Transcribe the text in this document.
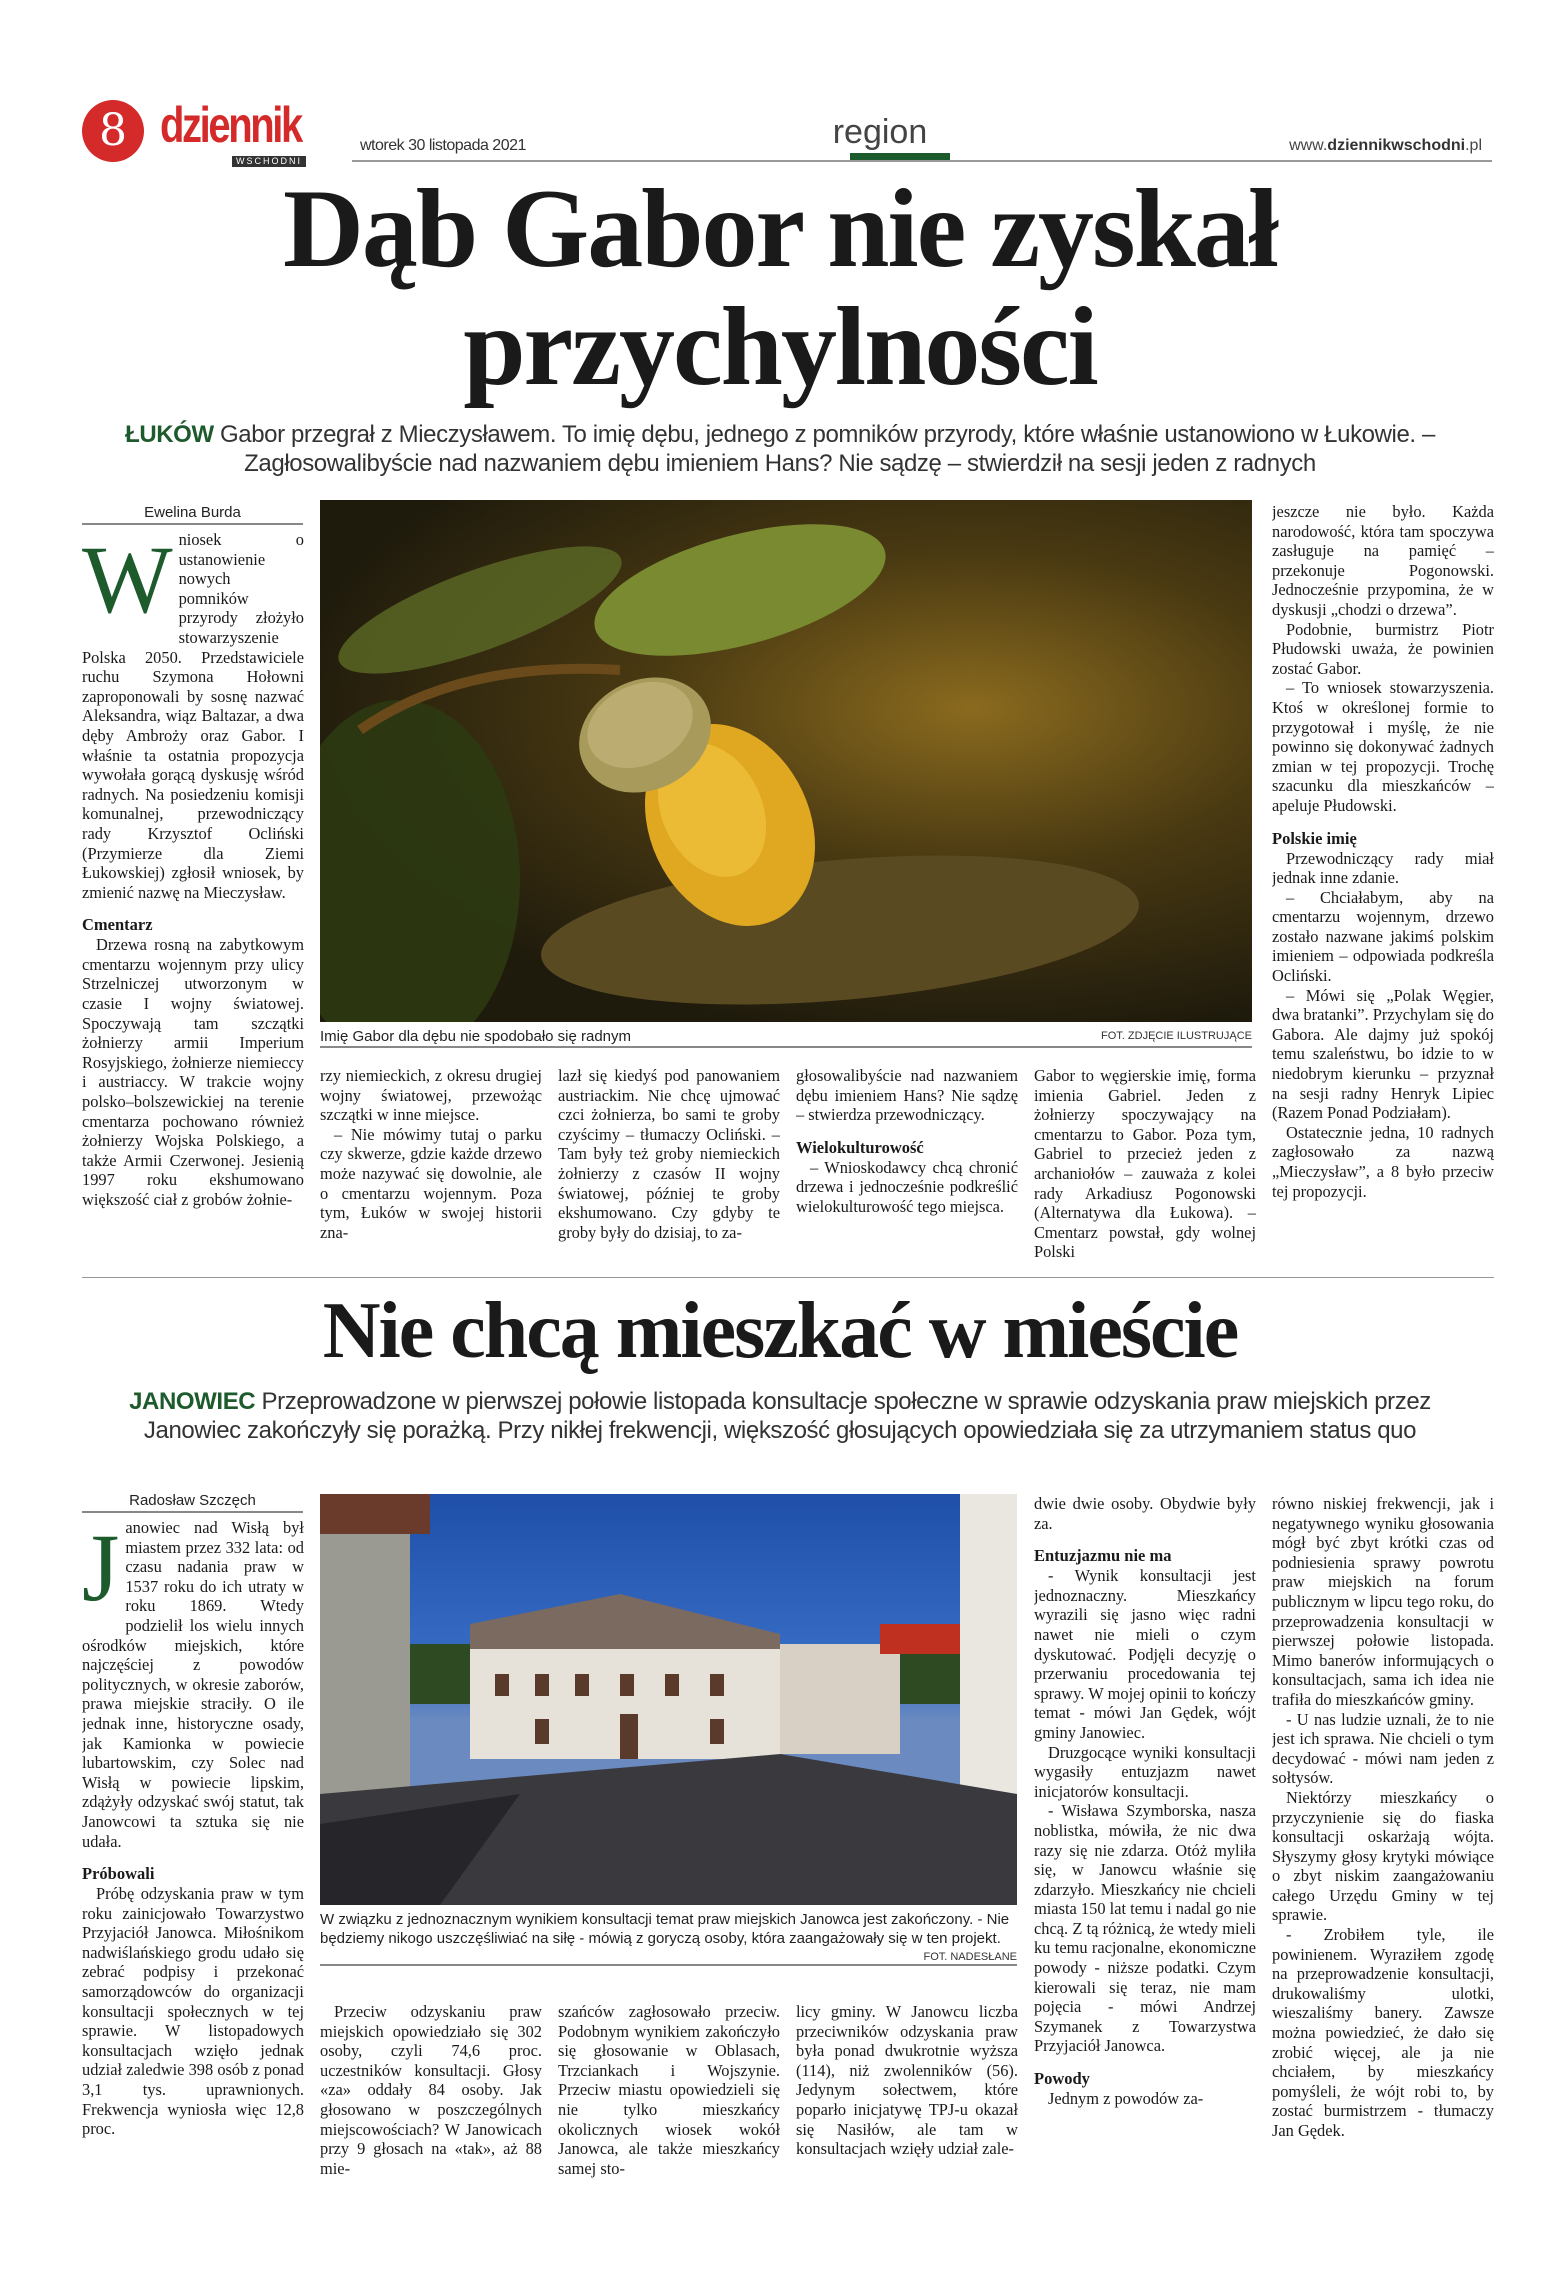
8 dziennik
WSCHODNI
wtorek 30 listopada 2021	region	www.dziennikwschodni.pl
Dąb Gabor nie zyskał przychylności
ŁUKÓW Gabor przegrał z Mieczysławem. To imię dębu, jednego z pomników przyrody, które właśnie ustanowiono w Łukowie. – Zagłosowalibyście nad nazwaniem dębu imieniem Hans? Nie sądzę – stwierdził na sesji jeden z radnych
Ewelina Burda
W niosek o ustanowienie nowych pomników przyrody złożyło stowarzyszenie Polska 2050. Przedstawiciele ruchu Szymona Hołowni zaproponowali by sosnę nazwać Aleksandra, wiąz Baltazar, a dwa dęby Ambroży oraz Gabor. I właśnie ta ostatnia propozycja wywołała gorącą dyskusję wśród radnych. Na posiedzeniu komisji komunalnej, przewodniczący rady Krzysztof Ocliński (Przymierze dla Ziemi Łukowskiej) zgłosił wniosek, by zmienić nazwę na Mieczysław.

Cmentarz

Drzewa rosną na zabytkowym cmentarzu wojennym przy ulicy Strzelniczej utworzonym w czasie I wojny światowej. Spoczywają tam szczątki żołnierzy armii Imperium Rosyjskiego, żołnierze niemieccy i austriaccy. W trakcie wojny polsko–bolszewickiej na terenie cmentarza pochowano również żołnierzy Wojska Polskiego, a także Armii Czerwonej. Jesienią 1997 roku ekshumowano większość ciał z grobów żołnie-

FOT. ZDJĘCIE ILUSTRUJĄCE
Imię Gabor dla dębu nie spodobało się radnym

rzy niemieckich, z okresu drugiej wojny światowej, przewożąc szczątki w inne miejsce.

– Nie mówimy tutaj o parku czy skwerze, gdzie każde drzewo może nazywać się dowolnie, ale o cmentarzu wojennym. Poza tym, Łuków w swojej historii zna-

lazł się kiedyś pod panowaniem austriackim. Nie chcę ujmować czci żołnierza, bo sami te groby czyścimy – tłumaczy Ocliński. – Tam były też groby niemieckich żołnierzy z czasów II wojny światowej, później te groby ekshumowano. Czy gdyby te groby były do dzisiaj, to za-

głosowalibyście nad nazwaniem dębu imieniem Hans? Nie sądzę – stwierdza przewodniczący.

Wielokulturowość

– Wnioskodawcy chcą chronić drzewa i jednocześnie podkreślić wielokulturowość tego miejsca.

Gabor to węgierskie imię, forma imienia Gabriel. Jeden z żołnierzy spoczywający na cmentarzu to Gabor. Poza tym, Gabriel to przecież jeden z archaniołów – zauważa z kolei rady Arkadiusz Pogonowski (Alternatywa dla Łukowa). – Cmentarz powstał, gdy wolnej Polski

jeszcze nie było. Każda narodowość, która tam spoczywa zasługuje na pamięć – przekonuje Pogonowski. Jednocześnie przypomina, że w dyskusji „chodzi o drzewa”.

Podobnie, burmistrz Piotr Płudowski uważa, że powinien zostać Gabor.

– To wniosek stowarzyszenia. Ktoś w określonej formie to przygotował i myślę, że nie powinno się dokonywać żadnych zmian w tej propozycji. Trochę szacunku dla mieszkańców – apeluje Płudowski.

Polskie imię

Przewodniczący rady miał jednak inne zdanie.

– Chciałabym, aby na cmentarzu wojennym, drzewo zostało nazwane jakimś polskim imieniem – odpowiada podkreśla Ocliński.

– Mówi się „Polak Węgier, dwa bratanki”. Przychylam się do Gabora. Ale dajmy już spokój temu szaleństwu, bo idzie to w niedobrym kierunku – przyznał na sesji radny Henryk Lipiec (Razem Ponad Podziałam).

Ostatecznie jedna, 10 radnych zagłosowało za nazwą „Mieczysław”, a 8 było przeciw tej propozycji.

Nie chcą mieszkać w mieście
JANOWIEC Przeprowadzone w pierwszej połowie listopada konsultacje społeczne w sprawie odzyskania praw miejskich przez Janowiec zakończyły się porażką. Przy nikłej frekwencji, większość głosujących opowiedziała się za utrzymaniem status quo
Radosław Szczęch
J anowiec nad Wisłą był miastem przez 332 lata: od czasu nadania praw w 1537 roku do ich utraty w roku 1869. Wtedy podzielił los wielu innych ośrodków miejskich, które najczęściej z powodów politycznych, w okresie zaborów, prawa miejskie straciły. O ile jednak inne, historyczne osady, jak Kamionka w powiecie lubartowskim, czy Solec nad Wisłą w powiecie lipskim, zdążyły odzyskać swój statut, tak Janowcowi ta sztuka się nie udała.

Próbowali

Próbę odzyskania praw w tym roku zainicjowało Towarzystwo Przyjaciół Janowca. Miłośnikom nadwiślańskiego grodu udało się zebrać podpisy i przekonać samorządowców do organizacji konsultacji społecznych w tej sprawie. W listopadowych konsultacjach wzięło jednak udział zaledwie 398 osób z ponad 3,1 tys. uprawnionych. Frekwencja wyniosła więc 12,8 proc.

W związku z jednoznacznym wynikiem konsultacji temat praw miejskich Janowca jest zakończony. - Nie będziemy nikogo uszczęśliwiać na siłę - mówią z goryczą osoby, która zaangażowały się w ten projekt.
FOT. NADESŁANE

Przeciw odzyskaniu praw miejskich opowiedziało się 302 osoby, czyli 74,6 proc. uczestników konsultacji. Głosy «za» oddały 84 osoby. Jak głosowano w poszczególnych miejscowościach? W Janowicach przy 9 głosach na «tak», aż 88 mie-

szańców zagłosowało przeciw. Podobnym wynikiem zakończyło się głosowanie w Oblasach, Trzciankach i Wojszynie. Przeciw miastu opowiedzieli się nie tylko mieszkańcy okolicznych wiosek wokół Janowca, ale także mieszkańcy samej sto-

licy gminy. W Janowcu liczba przeciwników odzyskania praw była ponad dwukrotnie wyższa (114), niż zwolenników (56). Jedynym sołectwem, które poparło inicjatywę TPJ-u okazał się Nasiłów, ale tam w konsultacjach wzięły udział zale-

dwie dwie osoby. Obydwie były za.

Entuzjazmu nie ma

- Wynik konsultacji jest jednoznaczny. Mieszkańcy wyrazili się jasno więc radni nawet nie mieli o czym dyskutować. Podjęli decyzję o przerwaniu procedowania tej sprawy. W mojej opinii to kończy temat - mówi Jan Gędek, wójt gminy Janowiec.

Druzgocące wyniki konsultacji wygasiły entuzjazm nawet inicjatorów konsultacji.

- Wisława Szymborska, nasza noblistka, mówiła, że nic dwa razy się nie zdarza. Otóż myliła się, w Janowcu właśnie się zdarzyło. Mieszkańcy nie chcieli miasta 150 lat temu i nadal go nie chcą. Z tą różnicą, że wtedy mieli ku temu racjonalne, ekonomiczne powody - niższe podatki. Czym kierowali się teraz, nie mam pojęcia - mówi Andrzej Szymanek z Towarzystwa Przyjaciół Janowca.

Powody

Jednym z powodów za-

równo niskiej frekwencji, jak i negatywnego wyniku głosowania mógł być zbyt krótki czas od podniesienia sprawy powrotu praw miejskich na forum publicznym w lipcu tego roku, do przeprowadzenia konsultacji w pierwszej połowie listopada. Mimo banerów informujących o konsultacjach, sama ich idea nie trafiła do mieszkańców gminy.

- U nas ludzie uznali, że to nie jest ich sprawa. Nie chcieli o tym decydować - mówi nam jeden z sołtysów.

Niektórzy mieszkańcy o przyczynienie się do fiaska konsultacji oskarżają wójta. Słyszymy głosy krytyki mówiące o zbyt niskim zaangażowaniu całego Urzędu Gminy w tej sprawie.

- Zrobiłem tyle, ile powinienem. Wyraziłem zgodę na przeprowadzenie konsultacji, drukowaliśmy ulotki, wieszaliśmy banery. Zawsze można powiedzieć, że dało się zrobić więcej, ale ja nie chciałem, by mieszkańcy pomyśleli, że wójt robi to, by zostać burmistrzem - tłumaczy Jan Gędek.
